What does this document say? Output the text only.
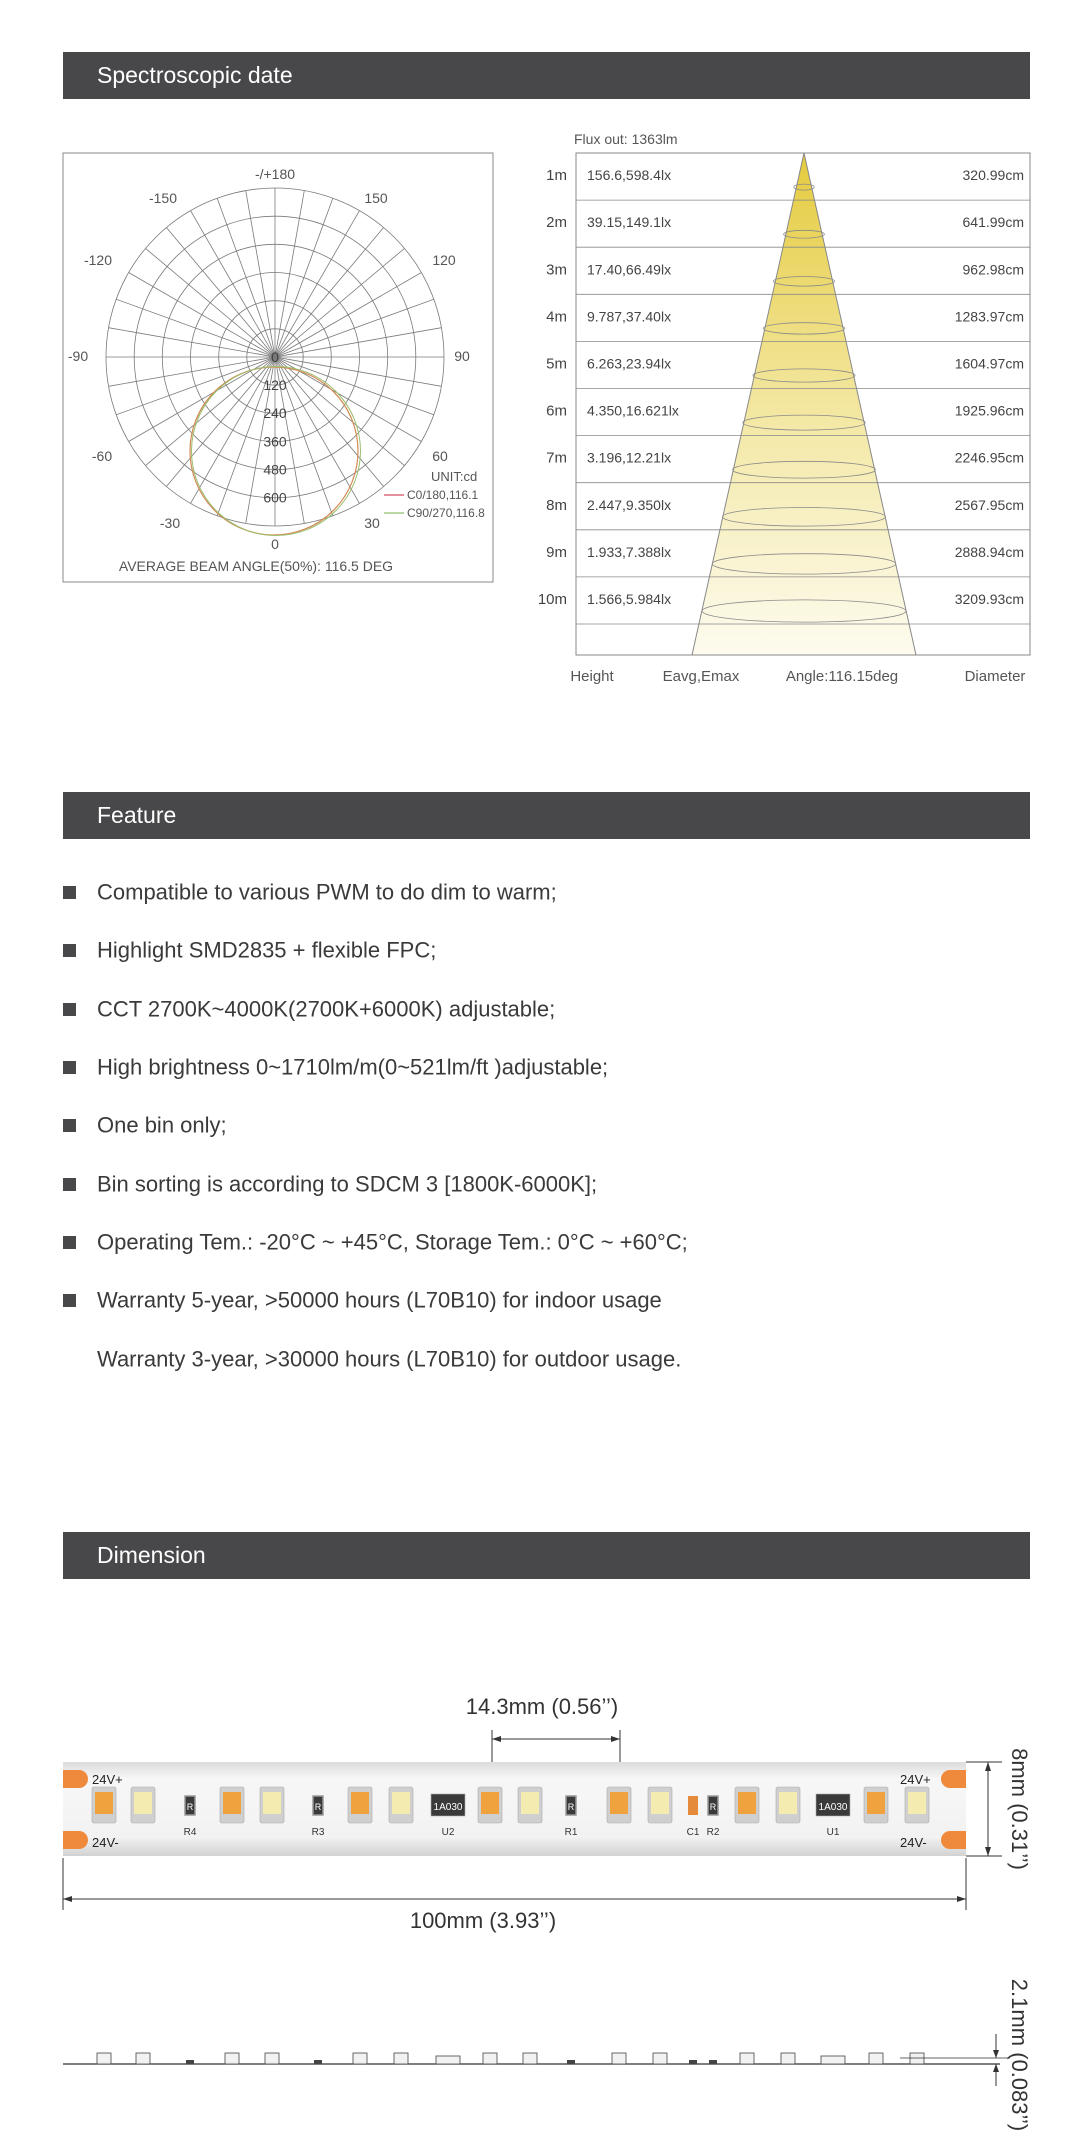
Spectroscopic date
Feature
Dimension
-/+180
-150	150
-120	120
-90	90
-60	60
-30	30
0
0
120
240
360
480
600
UNIT:cd
C0/180,116.1
C90/270,116.8
AVERAGE BEAM ANGLE(50%): 116.5 DEG
Flux out: 1363lm
1m 156.6,598.4lx	320.99cm
2m 39.15,149.1lx	641.99cm
3m 17.40,66.49lx	962.98cm
4m 9.787,37.40lx	1283.97cm
5m 6.263,23.94lx	1604.97cm
6m 4.350,16.621lx	1925.96cm
7m 3.196,12.21lx	2246.95cm
8m 2.447,9.350lx	2567.95cm
9m 1.933,7.388lx	2888.94cm
10m 1.566,5.984lx	3209.93cm
Height	Eavg,Emax	Angle:116.15deg	Diameter
Compatible to various PWM to do dim to warm;
Highlight SMD2835 + flexible FPC;
CCT 2700K~4000K(2700K+6000K) adjustable;
High brightness 0~1710lm/m(0~521lm/ft )adjustable;
One bin only;
Bin sorting is according to SDCM 3 [1800K-6000K];
Operating Tem.: -20°C ~ +45°C, Storage Tem.: 0°C ~ +60°C;
Warranty 5-year, >50000 hours (L70B10) for indoor usage
Warranty 3-year, >30000 hours (L70B10) for outdoor usage.
14.3mm (0.56’’)
R
R4
R
R3
1A030
U2
R
R1	C1
R
R2
1A030
U1
24V+
24V-
24V+
24V-	8mm (0.31’’)
100mm (3.93’’)
2.1mm (0.083’’)
